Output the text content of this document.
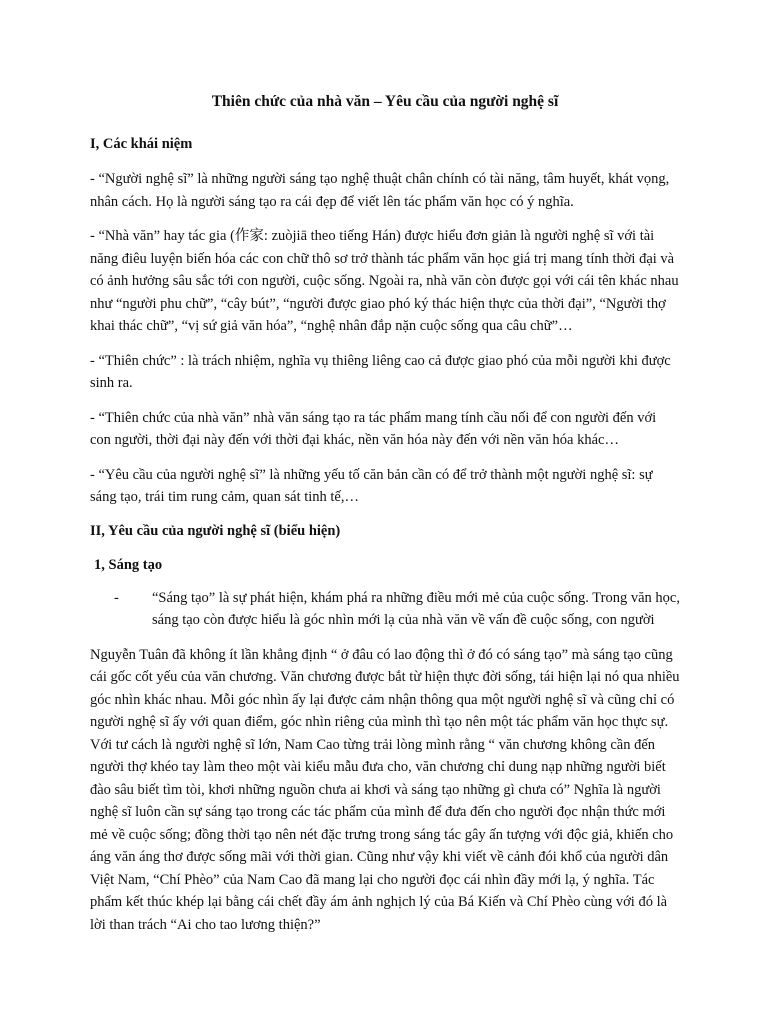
Thiên chức của nhà văn – Yêu cầu của người nghệ sĩ
I, Các khái niệm

- “Người nghệ sĩ” là những người sáng tạo nghệ thuật chân chính có tài năng, tâm huyết, khát vọng, nhân cách. Họ là người sáng tạo ra cái đẹp để viết lên tác phẩm văn học có ý nghĩa.

- “Nhà văn” hay tác gia (作家: zuòjiā theo tiếng Hán) được hiểu đơn giản là người nghệ sĩ với tài năng điêu luyện biến hóa các con chữ thô sơ trở thành tác phẩm văn học giá trị mang tính thời đại và có ảnh hưởng sâu sắc tới con người, cuộc sống. Ngoài ra, nhà văn còn được gọi với cái tên khác nhau như “người phu chữ”, “cây bút”, “người được giao phó ký thác hiện thực của thời đại”, “Người thợ khai thác chữ”, “vị sứ giả văn hóa”, “nghệ nhân đắp nặn cuộc sống qua câu chữ”…

- “Thiên chức” : là trách nhiệm, nghĩa vụ thiêng liêng cao cả được giao phó của mỗi người khi được sinh ra.

- “Thiên chức của nhà văn” nhà văn sáng tạo ra tác phẩm mang tính cầu nối để con người đến với con người, thời đại này đến với thời đại khác, nền văn hóa này đến với nền văn hóa khác…

- “Yêu cầu của người nghệ sĩ” là những yếu tố căn bản cần có để trở thành một người nghệ sĩ: sự sáng tạo, trái tim rung cảm, quan sát tinh tế,…

II, Yêu cầu của người nghệ sĩ (biểu hiện)
1, Sáng tạo
-	“Sáng tạo” là sự phát hiện, khám phá ra những điều mới mẻ của cuộc sống. Trong văn học, sáng tạo còn được hiểu là góc nhìn mới lạ của nhà văn về vấn đề cuộc sống, con người

Nguyễn Tuân đã không ít lần khẳng định “ ở đâu có lao động thì ở đó có sáng tạo” mà sáng tạo cũng cái gốc cốt yếu của văn chương. Văn chương được bắt từ hiện thực đời sống, tái hiện lại nó qua nhiều góc nhìn khác nhau. Mỗi góc nhìn ấy lại được cảm nhận thông qua một người nghệ sĩ và cũng chỉ có người nghệ sĩ ấy với quan điểm, góc nhìn riêng của mình thì tạo nên một tác phẩm văn học thực sự. Với tư cách là người nghệ sĩ lớn, Nam Cao từng trải lòng mình rằng “ văn chương không cần đến người thợ khéo tay làm theo một vài kiểu mẫu đưa cho, văn chương chỉ dung nạp những người biết đào sâu biết tìm tòi, khơi những nguồn chưa ai khơi và sáng tạo những gì chưa có” Nghĩa là người nghệ sĩ luôn cần sự sáng tạo trong các tác phẩm của mình để đưa đến cho người đọc nhận thức mới mẻ về cuộc sống; đồng thời tạo nên nét đặc trưng trong sáng tác gây ấn tượng với độc giả, khiến cho áng văn áng thơ được sống mãi với thời gian. Cũng như vậy khi viết về cảnh đói khổ của người dân Việt Nam, “Chí Phèo” của Nam Cao đã mang lại cho người đọc cái nhìn đầy mới lạ, ý nghĩa. Tác phẩm kết thúc khép lại bằng cái chết đầy ám ảnh nghịch lý của Bá Kiến và Chí Phèo cùng với đó là lời than trách “Ai cho tao lương thiện?”
